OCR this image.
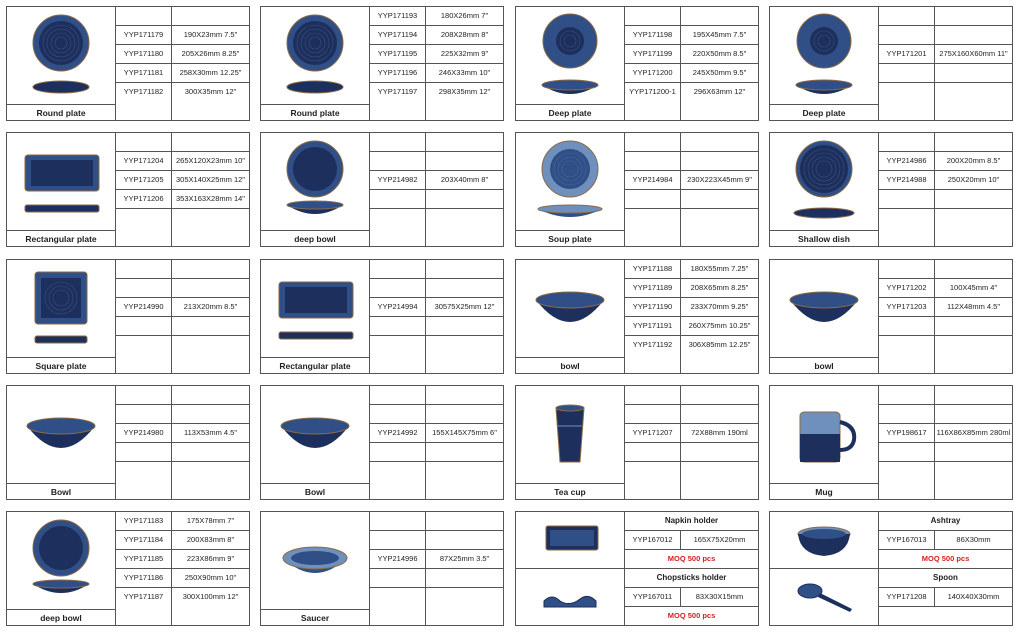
Round plate
YYP171179	190X23mm 7.5"
YYP171180	205X26mm 8.25"
YYP171181	258X30mm 12.25"
YYP171182	300X35mm 12"
Round plate
YYP171193	180X26mm 7"
YYP171194	208X28mm 8"
YYP171195	225X32mm 9"
YYP171196	246X33mm 10"
YYP171197	298X35mm 12"
Deep plate
YYP171198	195X45mm 7.5"
YYP171199	220X50mm 8.5"
YYP171200	245X50mm 9.5"
YYP171200-1	296X63mm 12"
Deep plate
YYP171201	275X160X60mm 11"
Rectangular plate
YYP171204	265X120X23mm 10"
YYP171205	305X140X25mm 12"
YYP171206	353X163X28mm 14"
deep bowl
YYP214982	203X40mm 8"
Soup plate
YYP214984	230X223X45mm 9"
Shallow dish
YYP214986	200X20mm 8.5"
YYP214988	250X20mm 10"
Square plate
YYP214990	213X20mm 8.5"
Rectangular plate
YYP214994	30575X25mm 12"
bowl
YYP171188	180X55mm 7.25"
YYP171189	208X65mm 8.25"
YYP171190	233X70mm 9.25"
YYP171191	260X75mm 10.25"
YYP171192	306X85mm 12.25"
bowl
YYP171202	100X45mm 4"
YYP171203	112X48mm 4.5"
Bowl
YYP214980	113X53mm 4.5"
Bowl
YYP214992	155X145X75mm 6"
Tea cup
YYP171207	72X88mm 190ml
Mug
YYP198617	116X86X85mm 280ml
deep bowl
YYP171183	175X78mm 7"
YYP171184	200X83mm 8"
YYP171185	223X86mm 9"
YYP171186	250X90mm 10"
YYP171187	300X100mm 12"
Saucer
YYP214996	87X25mm 3.5"
Napkin holder
YYP167012	165X75X20mm
MOQ 500 pcs
Chopsticks holder
YYP167011	83X30X15mm
MOQ 500 pcs
Ashtray
YYP167013	86X30mm
MOQ 500 pcs
Spoon
YYP171208	140X40X30mm
